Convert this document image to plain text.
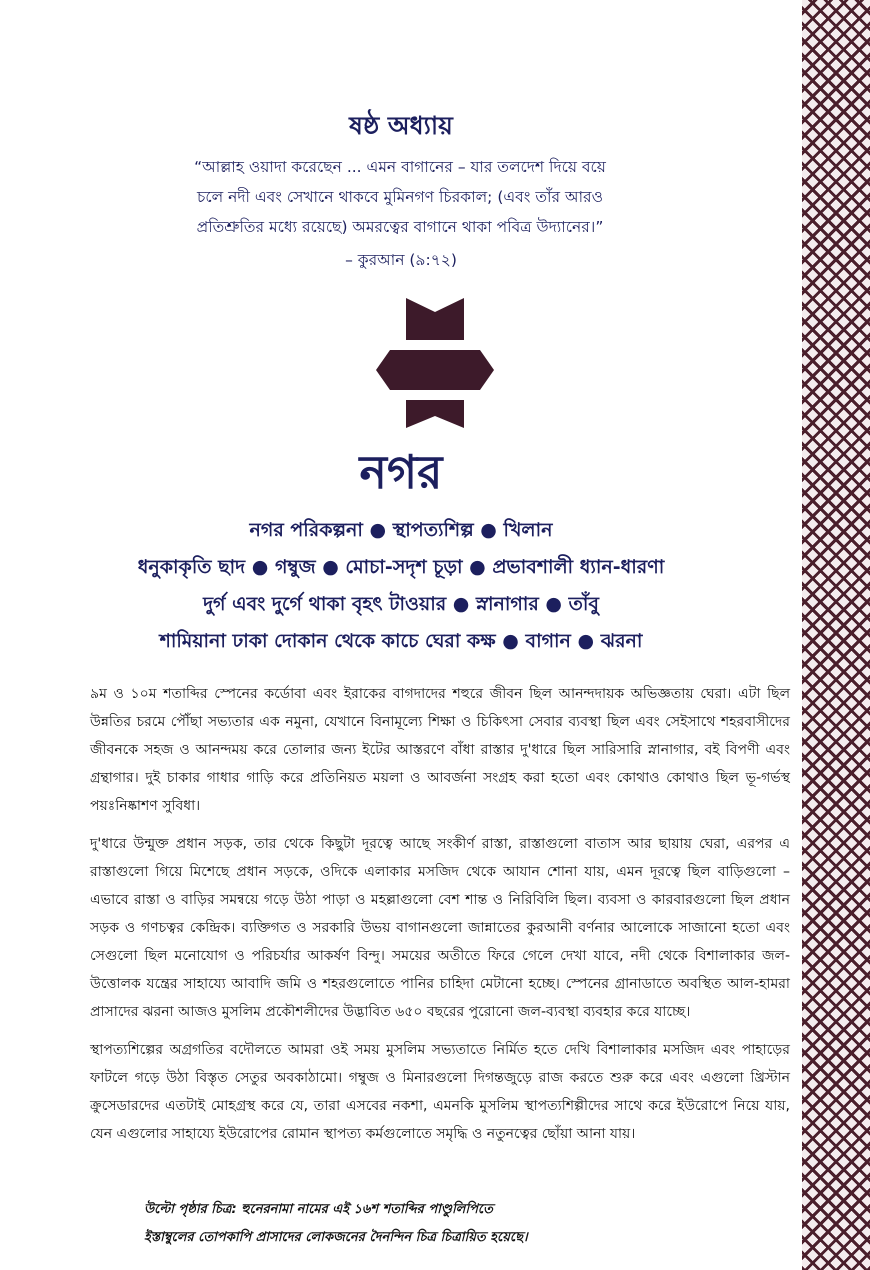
ষষ্ঠ অধ্যায়

“আল্লাহ ওয়াদা করেছেন ... এমন বাগানের – যার তলদেশ দিয়ে বয়ে

চলে নদী এবং সেখানে থাকবে মুমিনগণ চিরকাল; (এবং তাঁর আরও

প্রতিশ্রুতির মধ্যে রয়েছে) অমরত্বের বাগানে থাকা পবিত্র উদ্যানের।”

– কুরআন (৯:৭২)
নগর
নগর পরিকল্পনা ● স্থাপত্যশিল্প ● খিলান
ধনুকাকৃতি ছাদ ● গম্বুজ ● মোচা-সদৃশ চূড়া ● প্রভাবশালী ধ্যান-ধারণা
দুর্গ এবং দুর্গে থাকা বৃহৎ টাওয়ার ● স্নানাগার ● তাঁবু
শামিয়ানা ঢাকা দোকান থেকে কাচে ঘেরা কক্ষ ● বাগান ● ঝরনা

৯ম ও ১০ম শতাব্দির স্পেনের কর্ডোবা এবং ইরাকের বাগদাদের শহুরে জীবন ছিল আনন্দদায়ক অভিজ্ঞতায় ঘেরা। এটা ছিল উন্নতির চরমে পৌঁছা সভ্যতার এক নমুনা, যেখানে বিনামূল্যে শিক্ষা ও চিকিৎসা সেবার ব্যবস্থা ছিল এবং সেইসাথে শহরবাসীদের জীবনকে সহজ ও আনন্দময় করে তোলার জন্য ইটের আস্তরণে বাঁধা রাস্তার দু'ধারে ছিল সারিসারি স্নানাগার, বই বিপণী এবং গ্রন্থাগার। দুই চাকার গাধার গাড়ি করে প্রতিনিয়ত ময়লা ও আবর্জনা সংগ্রহ করা হতো এবং কোথাও কোথাও ছিল ভূ-গর্ভস্থ পয়ঃনিষ্কাশণ সুবিধা।

দু'ধারে উন্মুক্ত প্রধান সড়ক, তার থেকে কিছুটা দূরত্বে আছে সংকীর্ণ রাস্তা, রাস্তাগুলো বাতাস আর ছায়ায় ঘেরা, এরপর এ রাস্তাগুলো গিয়ে মিশেছে প্রধান সড়কে, ওদিকে এলাকার মসজিদ থেকে আযান শোনা যায়, এমন দূরত্বে ছিল বাড়িগুলো – এভাবে রাস্তা ও বাড়ির সমন্বয়ে গড়ে উঠা পাড়া ও মহল্লাগুলো বেশ শান্ত ও নিরিবিলি ছিল। ব্যবসা ও কারবারগুলো ছিল প্রধান সড়ক ও গণচত্বর কেন্দ্রিক। ব্যক্তিগত ও সরকারি উভয় বাগানগুলো জান্নাতের কুরআনী বর্ণনার আলোকে সাজানো হতো এবং সেগুলো ছিল মনোযোগ ও পরিচর্যার আকর্ষণ বিন্দু। সময়ের অতীতে ফিরে গেলে দেখা যাবে, নদী থেকে বিশালাকার জল-উত্তোলক যন্ত্রের সাহায্যে আবাদি জমি ও শহরগুলোতে পানির চাহিদা মেটানো হচ্ছে। স্পেনের গ্রানাডাতে অবস্থিত আল-হামরা প্রাসাদের ঝরনা আজও মুসলিম প্রকৌশলীদের উদ্ভাবিত ৬৫০ বছরের পুরোনো জল-ব্যবস্থা ব্যবহার করে যাচ্ছে।

স্থাপত্যশিল্পের অগ্রগতির বদৌলতে আমরা ওই সময় মুসলিম সভ্যতাতে নির্মিত হতে দেখি বিশালাকার মসজিদ এবং পাহাড়ের ফাটলে গড়ে উঠা বিস্তৃত সেতুর অবকাঠামো। গম্বুজ ও মিনারগুলো দিগন্তজুড়ে রাজ করতে শুরু করে এবং এগুলো খ্রিস্টান ক্রুসেডারদের এতটাই মোহগ্রস্থ করে যে, তারা এসবের নকশা, এমনকি মুসলিম স্থাপত্যশিল্পীদের সাথে করে ইউরোপে নিয়ে যায়, যেন এগুলোর সাহায্যে ইউরোপের রোমান স্থাপত্য কর্মগুলোতে সমৃদ্ধি ও নতুনত্বের ছোঁয়া আনা যায়।

উল্টো পৃষ্ঠার চিত্র: হুনেরনামা নামের এই ১৬শ শতাব্দির পাণ্ডুলিপিতে
ইস্তাম্বুলের তোপকাপি প্রাসাদের লোকজনের দৈনন্দিন চিত্র চিত্রায়িত হয়েছে।
